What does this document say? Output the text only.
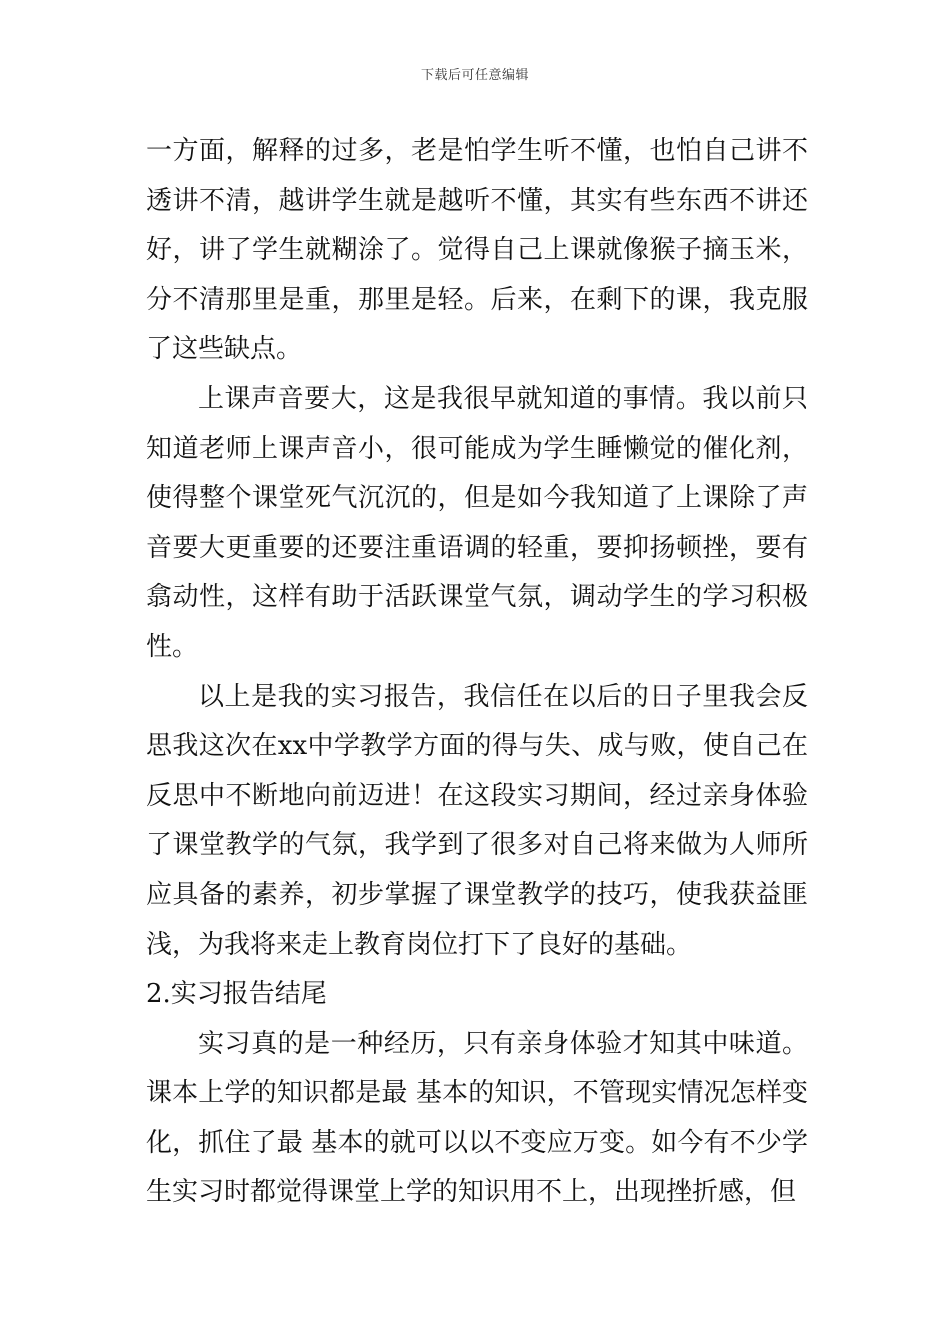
下载后可任意编辑

一方面，解释的过多，老是怕学生听不懂，也怕自己讲不透讲不清，越讲学生就是越听不懂，其实有些东西不讲还好，讲了学生就糊涂了。觉得自己上课就像猴子摘玉米，分不清那里是重，那里是轻。后来，在剩下的课，我克服了这些缺点。

上课声音要大，这是我很早就知道的事情。我以前只知道老师上课声音小，很可能成为学生睡懒觉的催化剂，使得整个课堂死气沉沉的，但是如今我知道了上课除了声音要大更重要的还要注重语调的轻重，要抑扬顿挫，要有翕动性，这样有助于活跃课堂气氛，调动学生的学习积极性。

以上是我的实习报告，我信任在以后的日子里我会反思我这次在xx中学教学方面的得与失、成与败，使自己在反思中不断地向前迈进！在这段实习期间，经过亲身体验了课堂教学的气氛，我学到了很多对自己将来做为人师所应具备的素养，初步掌握了课堂教学的技巧，使我获益匪浅，为我将来走上教育岗位打下了良好的基础。

2.实习报告结尾

实习真的是一种经历，只有亲身体验才知其中味道。课本上学的知识都是最 基本的知识，不管现实情况怎样变化，抓住了最 基本的就可以以不变应万变。如今有不少学生实习时都觉得课堂上学的知识用不上，出现挫折感，但
